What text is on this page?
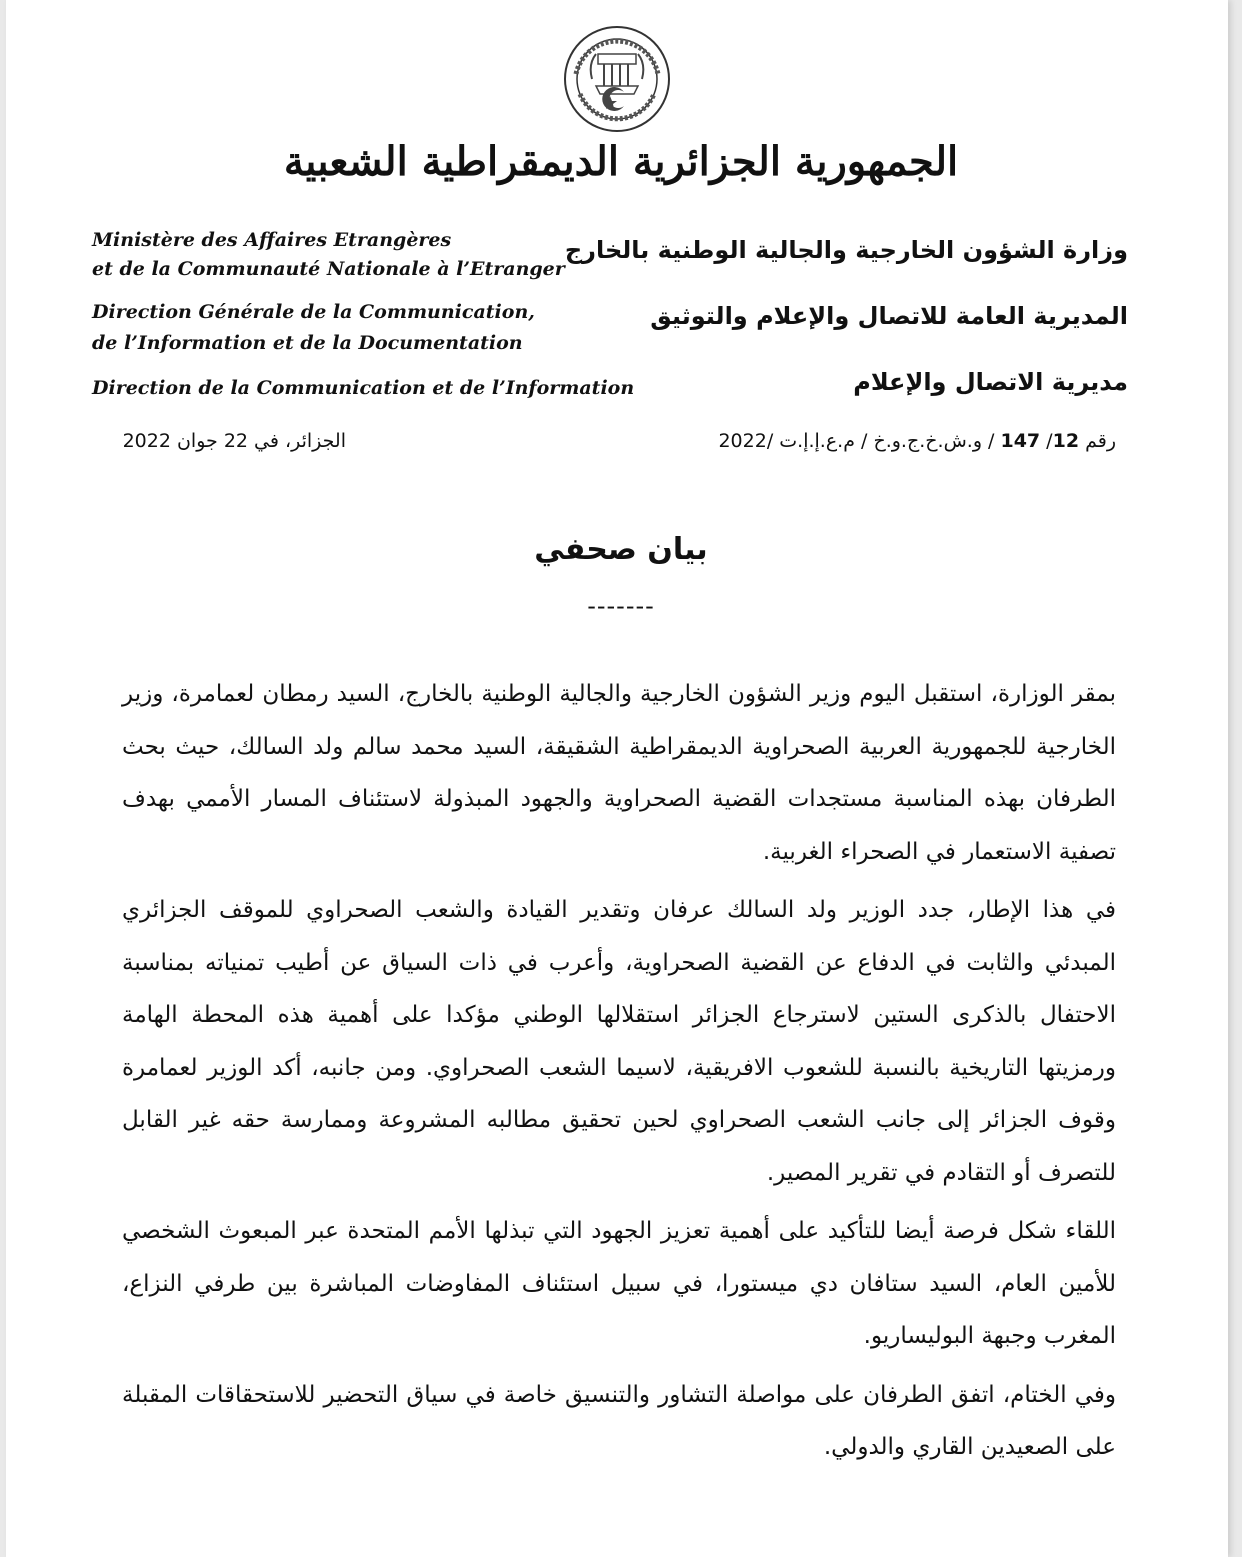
الجمهورية الجزائرية الديمقراطية الشعبية
Ministère des Affaires Etrangères
et de la Communauté Nationale à l’Etranger
Direction Générale de la Communication,
de l’Information et de la Documentation
Direction de la Communication et de l’Information
وزارة الشؤون الخارجية والجالية الوطنية بالخارج
المديرية العامة للاتصال والإعلام والتوثيق
مديرية الاتصال والإعلام
رقم 12/ 147 / و.ش.خ.ج.و.خ / م.ع.إ.إ.ت /2022
الجزائر، في 22 جوان 2022
بيان صحفي
-------

بمقر الوزارة، استقبل اليوم وزير الشؤون الخارجية والجالية الوطنية بالخارج، السيد رمطان لعمامرة، وزير الخارجية للجمهورية العربية الصحراوية الديمقراطية الشقيقة، السيد محمد سالم ولد السالك، حيث بحث الطرفان بهذه المناسبة مستجدات القضية الصحراوية والجهود المبذولة لاستئناف المسار الأممي بهدف تصفية الاستعمار في الصحراء الغربية.

في هذا الإطار، جدد الوزير ولد السالك عرفان وتقدير القيادة والشعب الصحراوي للموقف الجزائري المبدئي والثابت في الدفاع عن القضية الصحراوية، وأعرب في ذات السياق عن أطيب تمنياته بمناسبة الاحتفال بالذكرى الستين لاسترجاع الجزائر استقلالها الوطني مؤكدا على أهمية هذه المحطة الهامة ورمزيتها التاريخية بالنسبة للشعوب الافريقية، لاسيما الشعب الصحراوي. ومن جانبه، أكد الوزير لعمامرة وقوف الجزائر إلى جانب الشعب الصحراوي لحين تحقيق مطالبه المشروعة وممارسة حقه غير القابل للتصرف أو التقادم في تقرير المصير.

اللقاء شكل فرصة أيضا للتأكيد على أهمية تعزيز الجهود التي تبذلها الأمم المتحدة عبر المبعوث الشخصي للأمين العام، السيد ستافان دي ميستورا، في سبيل استئناف المفاوضات المباشرة بين طرفي النزاع، المغرب وجبهة البوليساريو.

وفي الختام، اتفق الطرفان على مواصلة التشاور والتنسيق خاصة في سياق التحضير للاستحقاقات المقبلة على الصعيدين القاري والدولي.
